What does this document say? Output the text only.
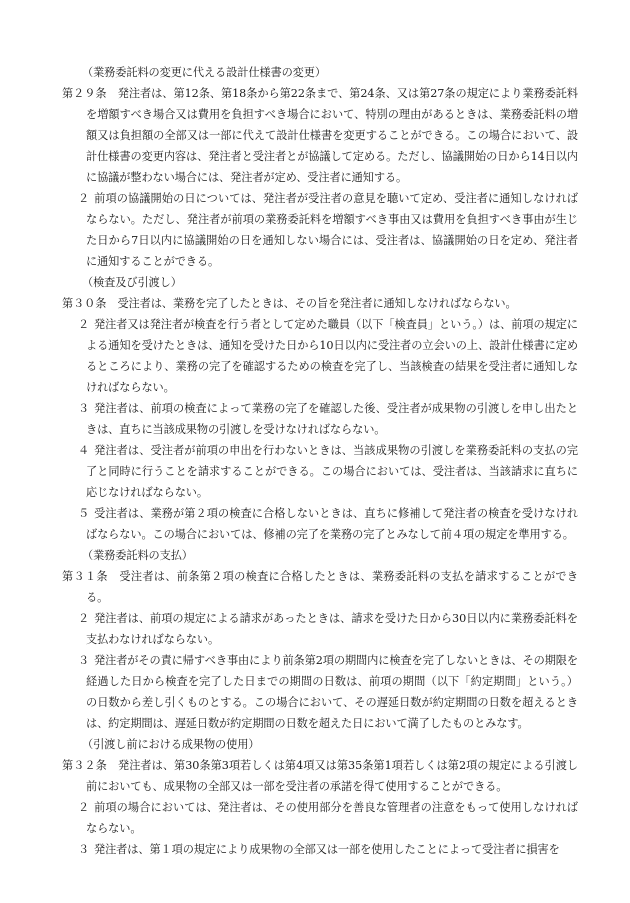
（業務委託料の変更に代える設計仕様書の変更）
第２９条　発注者は、第12条、第18条から第22条まで、第24条、又は第27条の規定により業務委託料を増額すべき場合又は費用を負担すべき場合において、特別の理由があるときは、業務委託料の増額又は負担額の全部又は一部に代えて設計仕様書を変更することができる。この場合において、設計仕様書の変更内容は、発注者と受注者とが協議して定める。ただし、協議開始の日から14日以内に協議が整わない場合には、発注者が定め、受注者に通知する。
２ 前項の協議開始の日については、発注者が受注者の意見を聴いて定め、受注者に通知しなければならない。ただし、発注者が前項の業務委託料を増額すべき事由又は費用を負担すべき事由が生じた日から7日以内に協議開始の日を通知しない場合には、受注者は、協議開始の日を定め、発注者に通知することができる。
（検査及び引渡し）
第３０条　受注者は、業務を完了したときは、その旨を発注者に通知しなければならない。
２ 発注者又は発注者が検査を行う者として定めた職員（以下「検査員」という。）は、前項の規定による通知を受けたときは、通知を受けた日から10日以内に受注者の立会いの上、設計仕様書に定めるところにより、業務の完了を確認するための検査を完了し、当該検査の結果を受注者に通知しなければならない。
３ 発注者は、前項の検査によって業務の完了を確認した後、受注者が成果物の引渡しを申し出たときは、直ちに当該成果物の引渡しを受けなければならない。
４ 発注者は、受注者が前項の申出を行わないときは、当該成果物の引渡しを業務委託料の支払の完了と同時に行うことを請求することができる。この場合においては、受注者は、当該請求に直ちに応じなければならない。
５ 受注者は、業務が第２項の検査に合格しないときは、直ちに修補して発注者の検査を受けなければならない。この場合においては、修補の完了を業務の完了とみなして前４項の規定を準用する。
（業務委託料の支払）
第３１条　受注者は、前条第２項の検査に合格したときは、業務委託料の支払を請求することができる。
２ 発注者は、前項の規定による請求があったときは、請求を受けた日から30日以内に業務委託料を支払わなければならない。
３ 発注者がその責に帰すべき事由により前条第2項の期間内に検査を完了しないときは、その期限を経過した日から検査を完了した日までの期間の日数は、前項の期間（以下「約定期間」という。）の日数から差し引くものとする。この場合において、その遅延日数が約定期間の日数を超えるときは、約定期間は、遅延日数が約定期間の日数を超えた日において満了したものとみなす。
（引渡し前における成果物の使用）
第３２条　発注者は、第30条第3項若しくは第4項又は第35条第1項若しくは第2項の規定による引渡し前においても、成果物の全部又は一部を受注者の承諾を得て使用することができる。
２ 前項の場合においては、発注者は、その使用部分を善良な管理者の注意をもって使用しなければならない。
３ 発注者は、第１項の規定により成果物の全部又は一部を使用したことによって受注者に損害を
